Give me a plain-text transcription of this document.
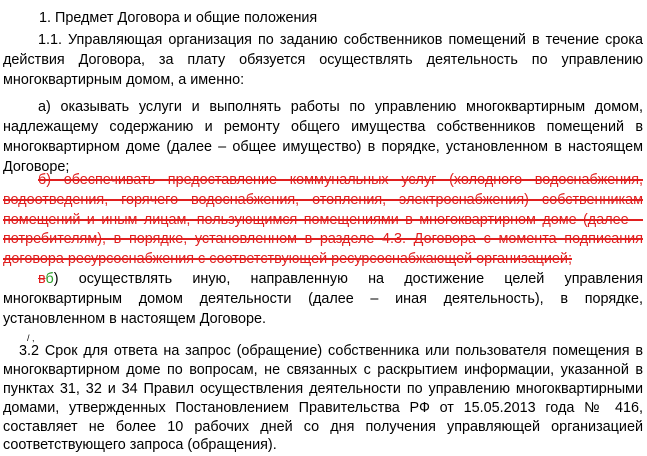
1. Предмет Договора и общие положения
1.1. Управляющая организация по заданию собственников помещений в течение срока
действия Договора, за плату обязуется осуществлять деятельность по управлению
многоквартирным домом, а именно:
а) оказывать услуги и выполнять работы по управлению многоквартирным домом,
надлежащему содержанию и ремонту общего имущества собственников помещений в
многоквартирном доме (далее – общее имущество) в порядке, установленном в настоящем
Договоре;
б) обеспечивать предоставление коммунальных услуг (холодного водоснабжения,
водоотведения, горячего водоснабжения, отопления, электроснабжения) собственникам
помещений и иным лицам, пользующимся помещениями в многоквартирном доме (далее –
потребителям), в порядке, установленном в разделе 4.3. Договора с момента подписания
договора ресурсоснабжения с соответствующей ресурсоснабжающей организацией;
вб) осуществлять иную, направленную на достижение целей управления
многоквартирным домом деятельности (далее – иная деятельность), в порядке,
установленном в настоящем Договоре.
/ ,
3.2 Срок для ответа на запрос (обращение) собственника или пользователя помещения в
многоквартирном доме по вопросам, не связанных с раскрытием информации, указанной в
пунктах 31, 32 и 34 Правил осуществления деятельности по управлению многоквартирными
домами, утвержденных Постановлением Правительства РФ от 15.05.2013 года № 416,
составляет не более 10 рабочих дней со дня получения управляющей организацией
соответствующего запроса (обращения).
